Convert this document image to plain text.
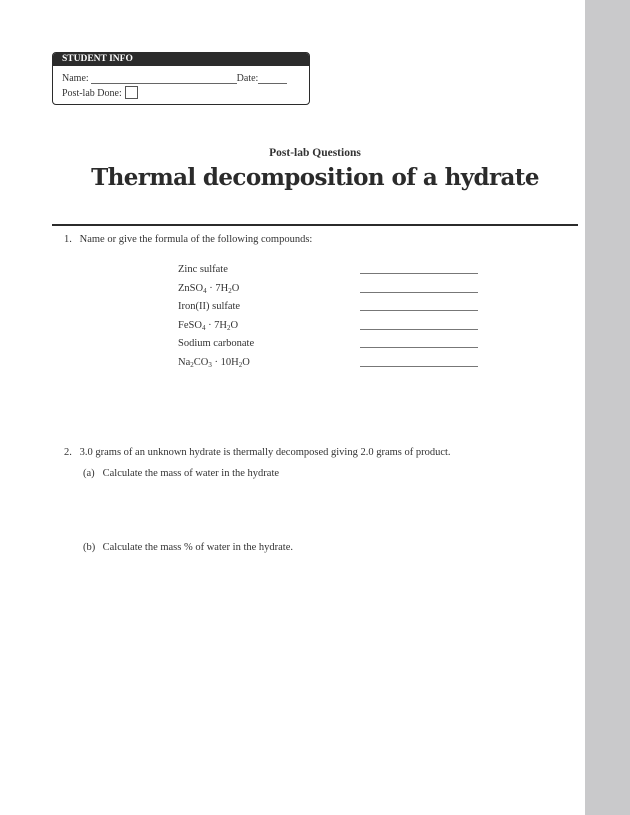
STUDENT INFO
Name:	Date:
Post-lab Done:
Post-lab Questions
Thermal decomposition of a hydrate
1. Name or give the formula of the following compounds:
Zinc sulfate
ZnSO$_4$ · $7H_2O$
Iron(II) sulfate
FeSO$_4$ · $7H_2O$
Sodium carbonate
$Na_2CO_3 \cdot 10H_2O$
2. 3.0 grams of an unknown hydrate is thermally decomposed giving 2.0 grams of product.
(a) Calculate the mass of water in the hydrate
(b) Calculate the mass % of water in the hydrate.
